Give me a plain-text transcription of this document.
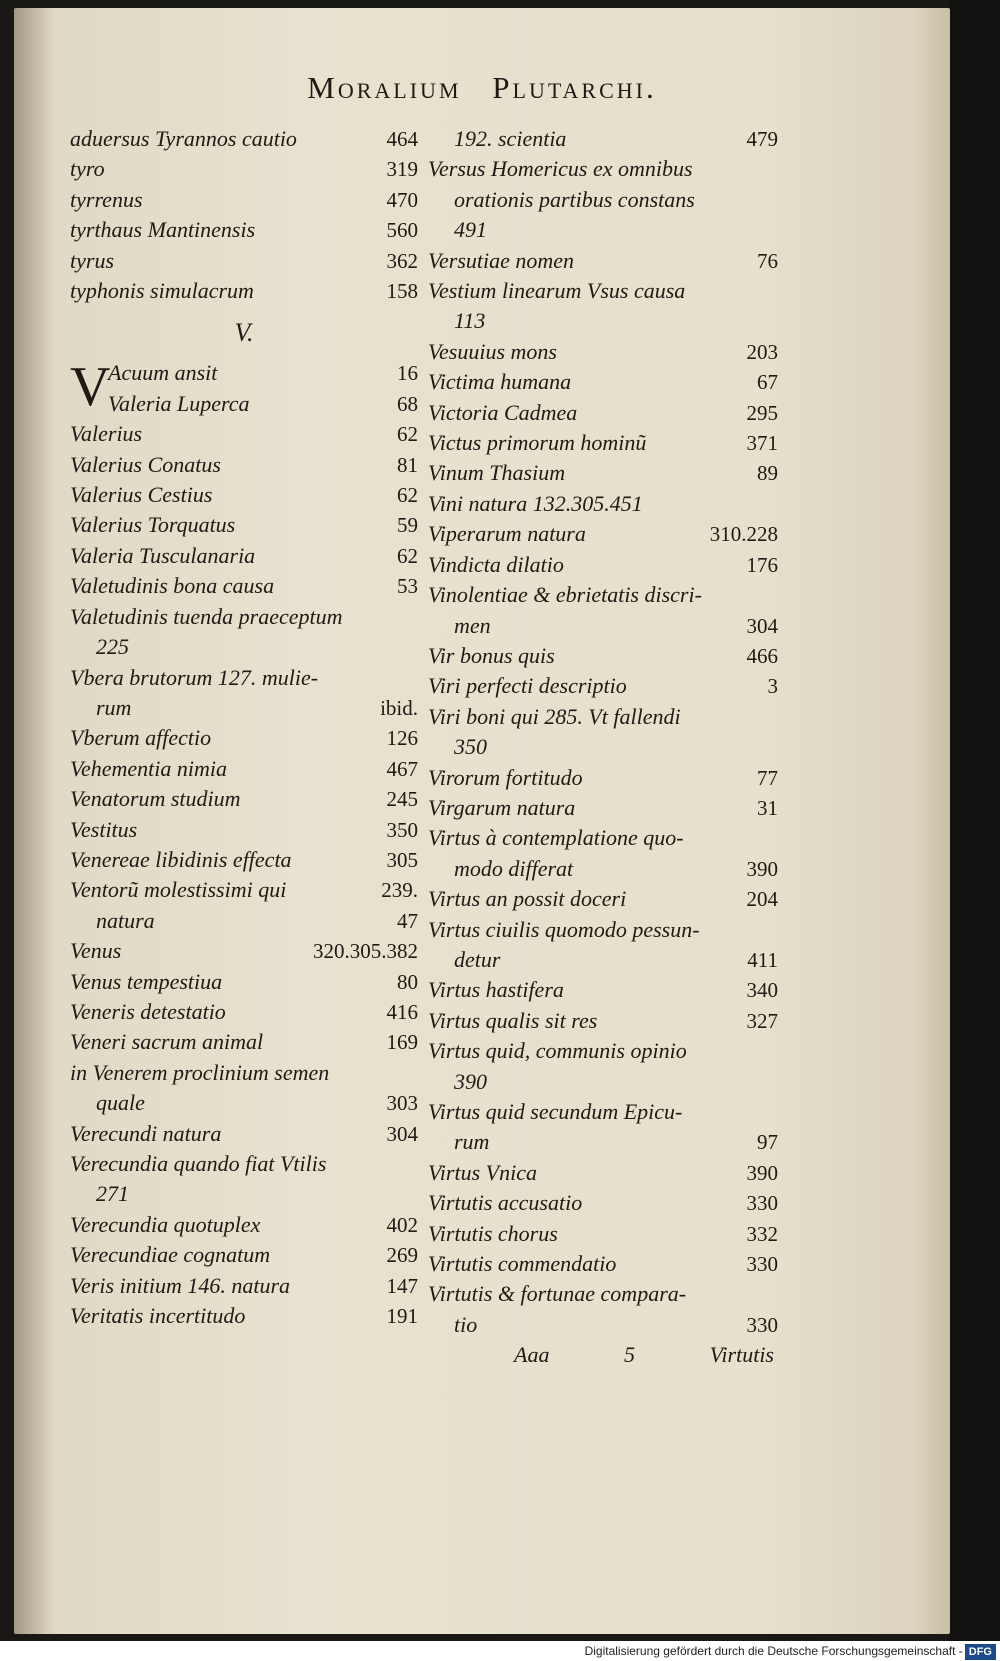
Moralium Plutarchi.
aduersus Tyrannos cautio	464
tyro	319
tyrrenus	470
tyrthaus Mantinensis	560
tyrus	362
typhonis simulacrum	158
V.
V
Acuum ansit	16
Valeria Luperca	68
Valerius	62
Valerius Conatus	81
Valerius Cestius	62
Valerius Torquatus	59
Valeria Tusculanaria	62
Valetudinis bona causa	53
Valetudinis tuenda praeceptum
225
Vbera brutorum 127. mulie-
rum	ibid.
Vberum affectio	126
Vehementia nimia	467
Venatorum studium	245
Vestitus	350
Venereae libidinis effecta	305
Ventorũ molestissimi qui	239.
natura	47
Venus	320.305.382
Venus tempestiua	80
Veneris detestatio	416
Veneri sacrum animal	169
in Venerem proclinium semen
quale	303
Verecundi natura	304
Verecundia quando fiat Vtilis
271
Verecundia quotuplex	402
Verecundiae cognatum	269
Veris initium 146. natura	147
Veritatis incertitudo	191
192. scientia	479
Versus Homericus ex omnibus
orationis partibus constans
491
Versutiae nomen	76
Vestium linearum Vsus causa
113
Vesuuius mons	203
Victima humana	67
Victoria Cadmea	295
Victus primorum hominũ	371
Vinum Thasium	89
Vini natura 132.305.451
Viperarum natura	310.228
Vindicta dilatio	176
Vinolentiae & ebrietatis discri-
men	304
Vir bonus quis	466
Viri perfecti descriptio	3
Viri boni qui 285. Vt fallendi
350
Virorum fortitudo	77
Virgarum natura	31
Virtus à contemplatione quo-
modo differat	390
Virtus an possit doceri	204
Virtus ciuilis quomodo pessun-
detur	411
Virtus hastifera	340
Virtus qualis sit res	327
Virtus quid, communis opinio
390
Virtus quid secundum Epicu-
rum	97
Virtus Vnica	390
Virtutis accusatio	330
Virtutis chorus	332
Virtutis commendatio	330
Virtutis & fortunae compara-
tio	330
Aaa	5	Virtutis
Digitalisierung gefördert durch die Deutsche Forschungsgemeinschaft - DFG
